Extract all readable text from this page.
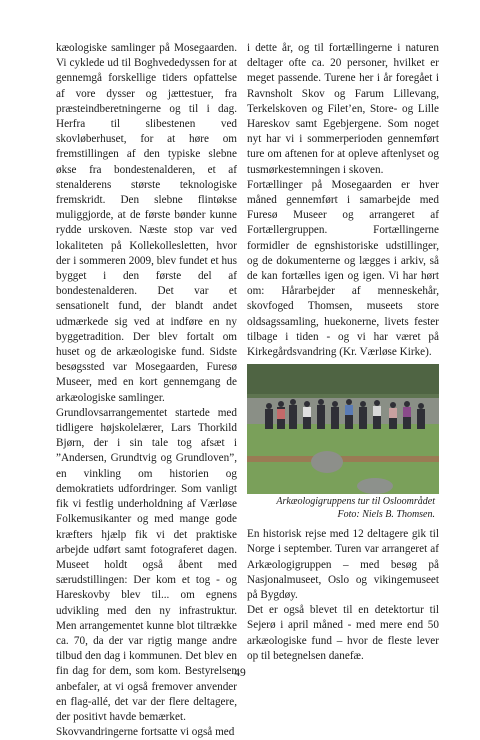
kæologiske samlinger på Mosegaarden. Vi cyklede ud til Boghvededyssen for at gennemgå forskellige tiders opfattelse af vore dysser og jættestuer, fra præsteindberetningerne og til i dag. Herfra til slibestenen ved skovløberhuset, for at høre om fremstillingen af den typiske slebne økse fra bondestenalderen, et af stenalderens største teknologiske fremskridt. Den slebne flintøkse muliggjorde, at de første bønder kunne rydde urskoven. Næste stop var ved lokaliteten på Kollekollesletten, hvor der i sommeren 2009, blev fundet et hus bygget i den første del af bondestenalderen. Det var et sensationelt fund, der blandt andet udmærkede sig ved at indføre en ny byggetradition. Der blev fortalt om huset og de arkæologiske fund. Sidste besøgssted var Mosegaarden, Furesø Museer, med en kort gennemgang de arkæologiske samlinger.

Grundlovsarrangementet startede med tidligere højskolelærer, Lars Thorkild Bjørn, der i sin tale tog afsæt i ”Andersen, Grundtvig og Grundloven”, en vinkling om historien og demokratiets udfordringer. Som vanligt fik vi festlig underholdning af Værløse Folkemusikanter og med mange gode kræfters hjælp fik vi det praktiske arbejde udført samt fotograferet dagen. Museet holdt også åbent med særudstillingen: Der kom et tog - og Hareskovby blev til... om egnens udvikling med den ny infrastruktur. Men arrangementet kunne blot tiltrække ca. 70, da der var rigtig mange andre tilbud den dag i kommunen. Det blev en fin dag for dem, som kom. Bestyrelsen anbefaler, at vi også fremover anvender en flag-allé, det var der flere deltagere, der positivt havde bemærket.

Skovvandringerne fortsatte vi også med

i dette år, og til fortællingerne i naturen deltager ofte ca. 20 personer, hvilket er meget passende. Turene her i år foregået i Ravnsholt Skov og Farum Lillevang, Terkelskoven og Filet’en, Store- og Lille Hareskov samt Egebjergene. Som noget nyt har vi i sommerperioden gennemført ture om aftenen for at opleve aftenlyset og tusmørkestemningen i skoven.

Fortællinger på Mosegaarden er hver måned gennemført i samarbejde med Furesø Museer og arrangeret af Fortællergruppen. Fortællingerne formidler de egnshistoriske udstillinger, og de dokumenterne og lægges i arkiv, så de kan fortælles igen og igen. Vi har hørt om: Hårarbejder af menneskehår, skovfoged Thomsen, museets store oldsagssamling, huekonerne, livets fester tilbage i tiden - og vi har været på Kirkegårdsvandring (Kr. Værløse Kirke).

Arkæologigruppens tur til Osloområdet
Foto: Niels B. Thomsen.

En historisk rejse med 12 deltagere gik til Norge i september. Turen var arrangeret af Arkæologigruppen – med besøg på Nasjonalmuseet, Oslo og vikingemuseet på Bygdøy.

Det er også blevet til en detektortur til Sejerø i april måned - med mere end 50 arkæologiske fund – hvor de fleste lever op til betegnelsen danefæ.

49
